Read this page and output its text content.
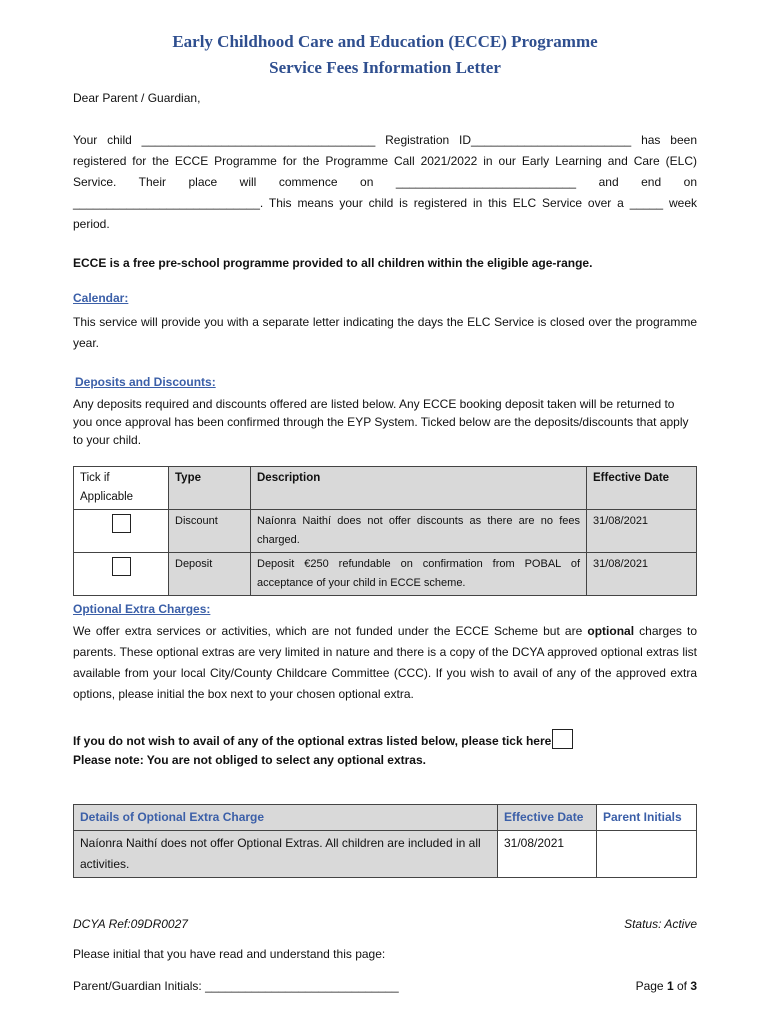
Early Childhood Care and Education (ECCE) Programme
Service Fees Information Letter
Dear Parent / Guardian,
Your child ___________________________________ Registration ID________________________ has been registered for the ECCE Programme for the Programme Call 2021/2022 in our Early Learning and Care (ELC) Service. Their place will commence on ___________________________ and end on ____________________________. This means your child is registered in this ELC Service over a _____ week period.
ECCE is a free pre-school programme provided to all children within the eligible age-range.
Calendar:
This service will provide you with a separate letter indicating the days the ELC Service is closed over the programme year.
Deposits and Discounts:
Any deposits required and discounts offered are listed below. Any ECCE booking deposit taken will be returned to you once approval has been confirmed through the EYP System. Ticked below are the deposits/discounts that apply to your child.
Tick if Applicable	Type	Description	Effective Date
	Discount	Naíonra Naithí does not offer discounts as there are no fees charged.	31/08/2021
	Deposit	Deposit €250 refundable on confirmation from POBAL of acceptance of your child in ECCE scheme.	31/08/2021
Optional Extra Charges:
We offer extra services or activities, which are not funded under the ECCE Scheme but are optional charges to parents. These optional extras are very limited in nature and there is a copy of the DCYA approved optional extras list available from your local City/County Childcare Committee (CCC). If you wish to avail of any of the approved extra options, please initial the box next to your chosen optional extra.
If you do not wish to avail of any of the optional extras listed below, please tick here
Please note: You are not obliged to select any optional extras.
Details of Optional Extra Charge	Effective Date	Parent Initials
Naíonra Naithí does not offer Optional Extras. All children are included in all activities.	31/08/2021	
DCYA Ref:09DR0027	Status: Active
Please initial that you have read and understand this page:
Parent/Guardian Initials: _____________________________	Page 1 of 3
